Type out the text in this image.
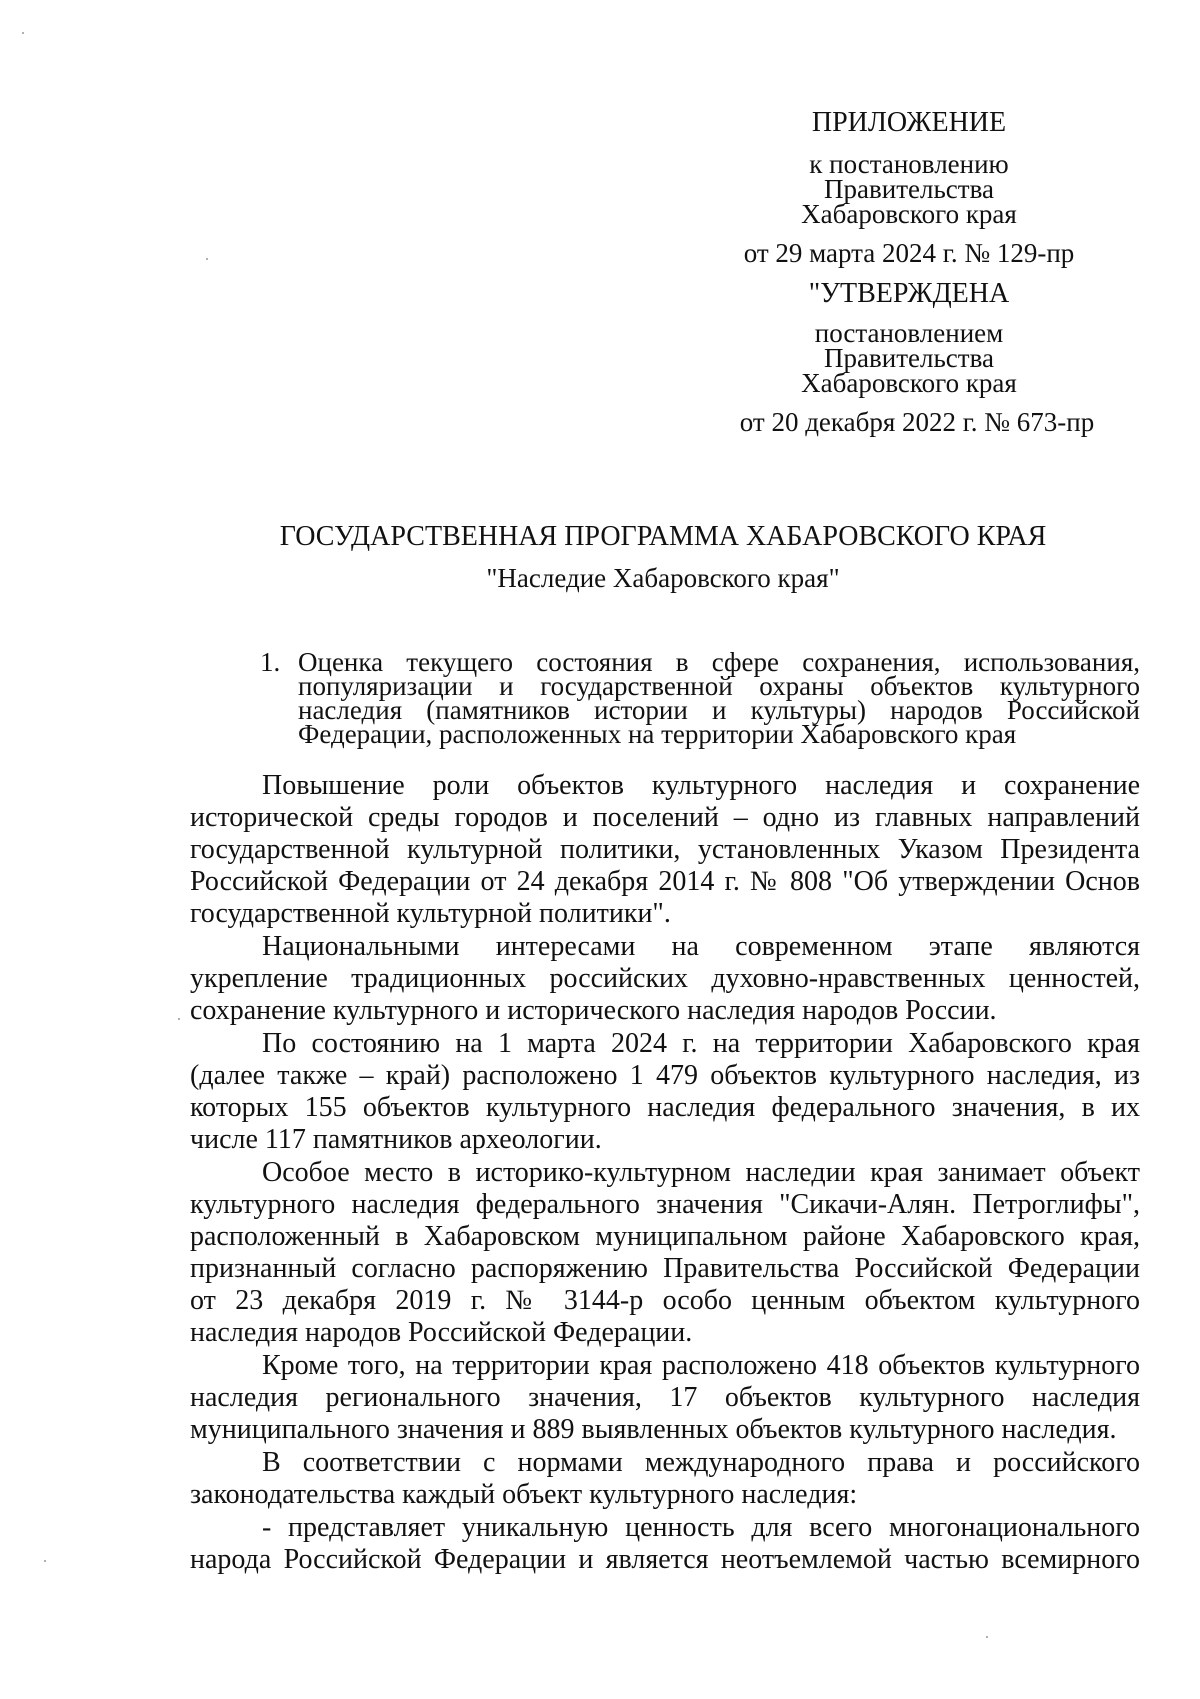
ПРИЛОЖЕНИЕ
к постановлению
Правительства
Хабаровского края
от 29 марта 2024 г. № 129-пр
"УТВЕРЖДЕНА
постановлением
Правительства
Хабаровского края
от 20 декабря 2022 г. № 673-пр
ГОСУДАРСТВЕННАЯ ПРОГРАММА ХАБАРОВСКОГО КРАЯ
"Наследие Хабаровского края"
1. Оценка текущего состояния в сфере сохранения, использования,
популяризации и государственной охраны объектов культурного
наследия (памятников истории и культуры) народов Российской
Федерации, расположенных на территории Хабаровского края
Повышение роли объектов культурного наследия и сохранение
исторической среды городов и поселений – одно из главных направлений
государственной культурной политики, установленных Указом Президента
Российской Федерации от 24 декабря 2014 г. № 808 "Об утверждении Основ
государственной культурной политики".
Национальными интересами на современном этапе являются
укрепление традиционных российских духовно-нравственных ценностей,
сохранение культурного и исторического наследия народов России.
По состоянию на 1 марта 2024 г. на территории Хабаровского края
(далее также – край) расположено 1 479 объектов культурного наследия, из
которых 155 объектов культурного наследия федерального значения, в их
числе 117 памятников археологии.
Особое место в историко-культурном наследии края занимает объект
культурного наследия федерального значения "Сикачи-Алян. Петроглифы",
расположенный в Хабаровском муниципальном районе Хабаровского края,
признанный согласно распоряжению Правительства Российской Федерации
от 23 декабря 2019 г. № 3144-р особо ценным объектом культурного
наследия народов Российской Федерации.
Кроме того, на территории края расположено 418 объектов культурного
наследия регионального значения, 17 объектов культурного наследия
муниципального значения и 889 выявленных объектов культурного наследия.
В соответствии с нормами международного права и российского
законодательства каждый объект культурного наследия:
- представляет уникальную ценность для всего многонационального
народа Российской Федерации и является неотъемлемой частью всемирного
